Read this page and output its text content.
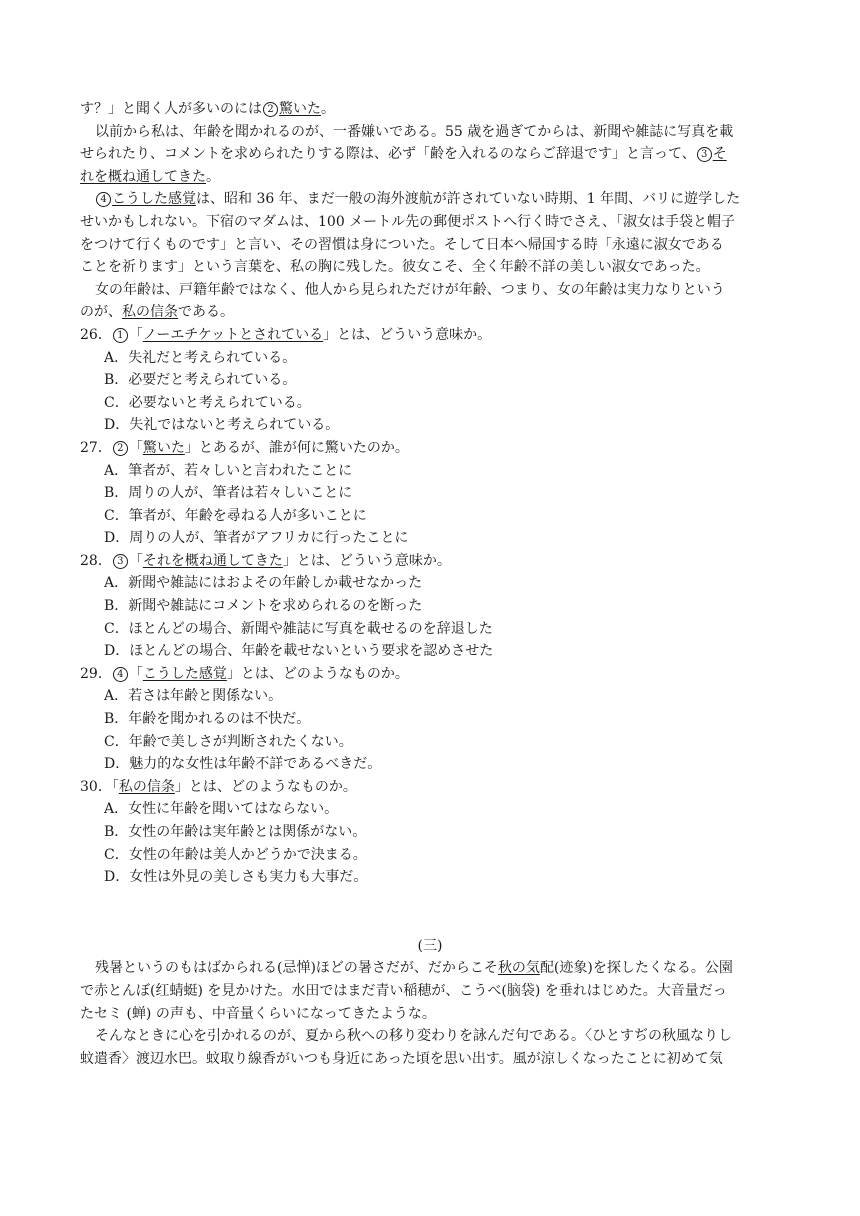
す？」と聞く人が多いのには 2 驚いた。
以前から私は、年齢を聞かれるのが、一番嫌いである。55 歳を過ぎてからは、新聞や雑誌に写真を載
せられたり、コメントを求められたりする際は、必ず「齢を入れるのならご辞退です」と言って、 3 そ
れを概ね通してきた。
4 こうした感覚は、昭和 36 年、まだ一般の海外渡航が許されていない時期、1 年間、バリに遊学した
せいかもしれない。下宿のマダムは、100 メートル先の郵便ポストへ行く時でさえ、「淑女は手袋と帽子
をつけて行くものです」と言い、その習慣は身についた。そして日本へ帰国する時「永遠に淑女である
ことを祈ります」という言葉を、私の胸に残した。彼女こそ、全く年齢不詳の美しい淑女であった。
女の年齢は、戸籍年齢ではなく、他人から見られただけが年齢、つまり、女の年齢は実力なりという
のが、私の信条である。
26． 1 「ノーエチケットとされている」とは、どういう意味か。
A．失礼だと考えられている。
B．必要だと考えられている。
C．必要ないと考えられている。
D．失礼ではないと考えられている。
27． 2 「驚いた」とあるが、誰が何に驚いたのか。
A．筆者が、若々しいと言われたことに
B．周りの人が、筆者は若々しいことに
C．筆者が、年齢を尋ねる人が多いことに
D．周りの人が、筆者がアフリカに行ったことに
28． 3 「それを概ね通してきた」とは、どういう意味か。
A．新聞や雑誌にはおよその年齢しか載せなかった
B．新聞や雑誌にコメントを求められるのを断った
C．ほとんどの場合、新聞や雑誌に写真を載せるのを辞退した
D．ほとんどの場合、年齢を載せないという要求を認めさせた
29． 4 「こうした感覚」とは、どのようなものか。
A．若さは年齢と関係ない。
B．年齢を聞かれるのは不快だ。
C．年齢で美しさが判断されたくない。
D．魅力的な女性は年齢不詳であるべきだ。
30．「私の信条」とは、どのようなものか。
A．女性に年齢を聞いてはならない。
B．女性の年齢は実年齢とは関係がない。
C．女性の年齢は美人かどうかで決まる。
D．女性は外見の美しさも実力も大事だ。
(三)
残暑というのもはばかられる(忌惮)ほどの暑さだが、だからこそ秋の気配(迹象)を探したくなる。公園
で赤とんぼ(红蜻蜓) を見かけた。水田ではまだ青い稲穂が、こうべ(脑袋) を垂れはじめた。大音量だっ
たセミ (蝉) の声も、中音量くらいになってきたような。
そんなときに心を引かれるのが、夏から秋への移り変わりを詠んだ句である。〈ひとすぢの秋風なりし
蚊遣香〉渡辺水巴。蚊取り線香がいつも身近にあった頃を思い出す。風が涼しくなったことに初めて気
